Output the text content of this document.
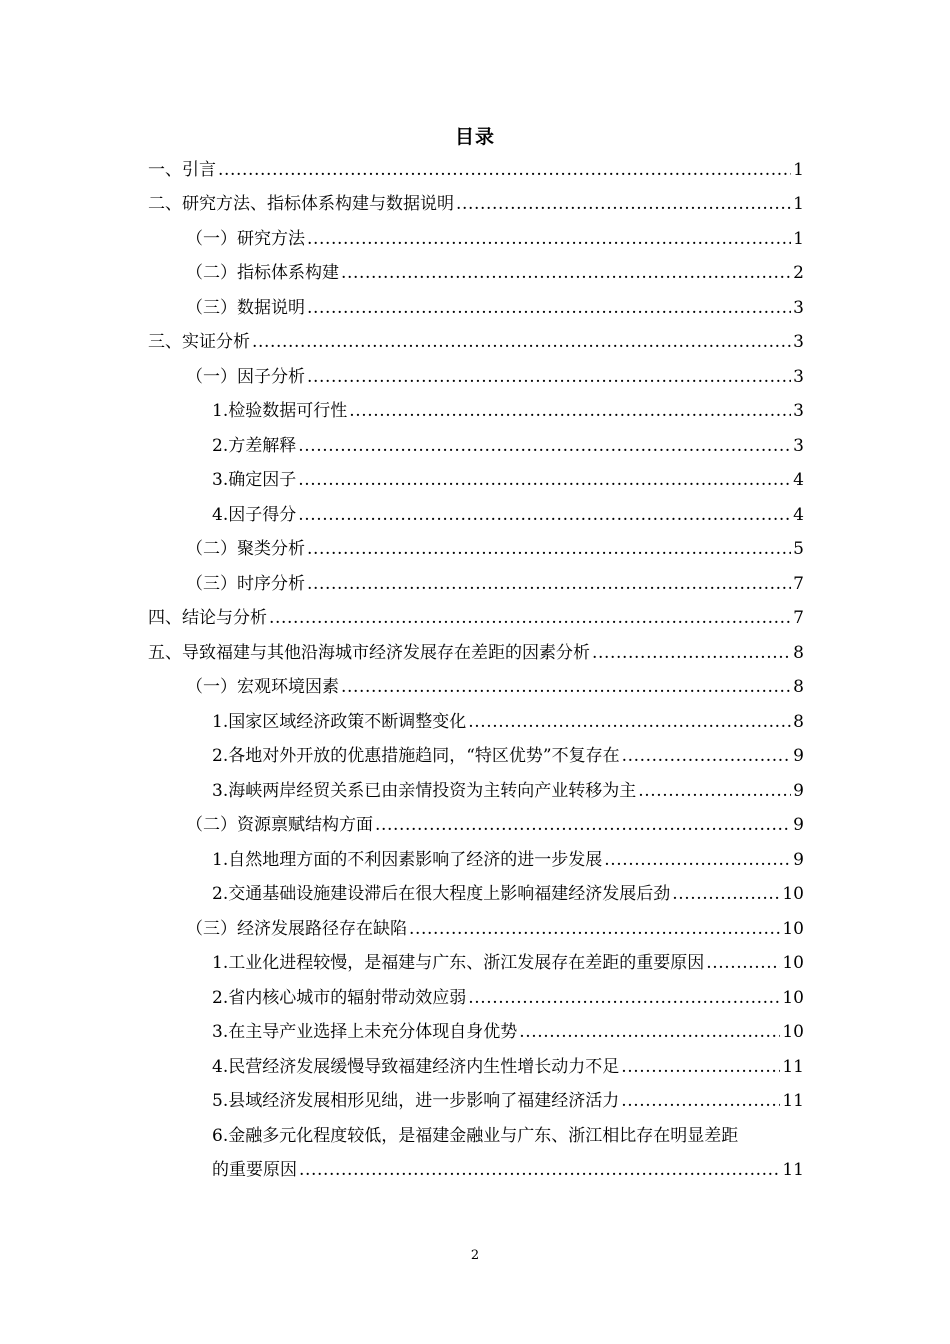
目录
一、引言 . . .	1
二、研究方法、指标体系构建与数据说明 . . .	1
（一）研究方法 . . .	1
（二）指标体系构建 . . .	2
（三）数据说明 . . .	3
三、实证分析 . . .	3
（一）因子分析 . . .	3
1.检验数据可行性 . . .	3
2.方差解释 . . .	3
3.确定因子 . . .	4
4.因子得分 . . .	4
（二）聚类分析 . . .	5
（三）时序分析 . . .	7
四、结论与分析 . . .	7
五、导致福建与其他沿海城市经济发展存在差距的因素分析 . . .	8
（一）宏观环境因素 . . .	8
1.国家区域经济政策不断调整变化 . . .	8
2.各地对外开放的优惠措施趋同，“特区优势”不复存在 . . .	9
3.海峡两岸经贸关系已由亲情投资为主转向产业转移为主 . . .	9
（二）资源禀赋结构方面 . . .	9
1.自然地理方面的不利因素影响了经济的进一步发展 . . .	9
2.交通基础设施建设滞后在很大程度上影响福建经济发展后劲 . . .	10
（三）经济发展路径存在缺陷 . . .	10
1.工业化进程较慢，是福建与广东、浙江发展存在差距的重要原因 . . .	10
2.省内核心城市的辐射带动效应弱 . . .	10
3.在主导产业选择上未充分体现自身优势 . . .	10
4.民营经济发展缓慢导致福建经济内生性增长动力不足 . . .	11
5.县域经济发展相形见绌，进一步影响了福建经济活力 . . .	11
6.金融多元化程度较低，是福建金融业与广东、浙江相比存在明显差距
的重要原因 . . .	11
2
